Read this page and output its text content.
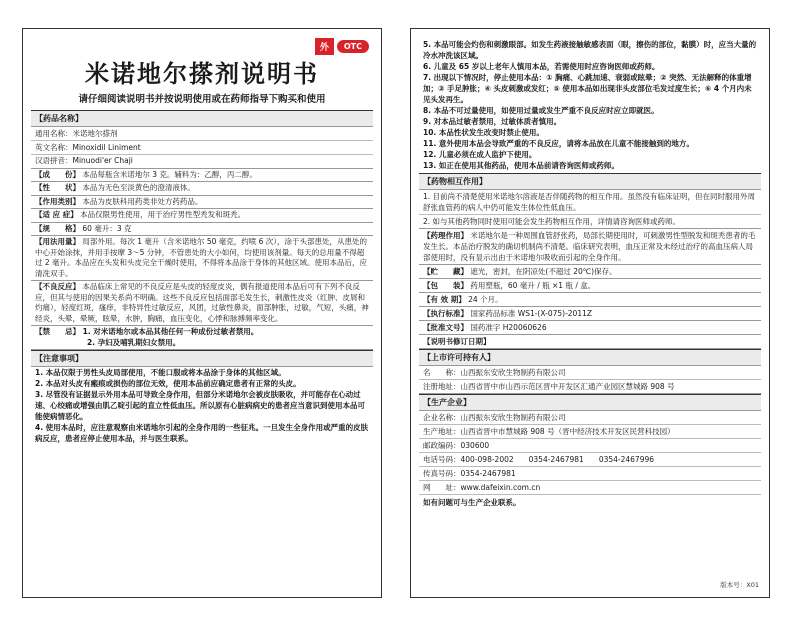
外	OTC
米诺地尔搽剂说明书
请仔细阅读说明书并按说明使用或在药师指导下购买和使用
【药品名称】
通用名称：米诺地尔搽剂
英文名称：Minoxidil Liniment
汉语拼音：Minuodi'er Chaji
【成　　份】 本品每瓶含米诺地尔 3 克。辅料为：乙醇，丙二醇。
【性　　状】 本品为无色至淡黄色的澄清液体。
【作用类别】 本品为皮肤科用药类非处方药药品。
【适 应 症】 本品仅限男性使用，用于治疗男性型秃发和斑秃。
【规　　格】 60 毫升：3 克
【用法用量】 局部外用。每次 1 毫升（含米诺地尔 50 毫克，约喷 6 次），涂于头部患处，从患处的中心开始涂抹，并用手按摩 3～5 分钟，不管患处的大小如何，均使用该剂量。每天的总用量不得超过 2 毫升。本品应在头发和头皮完全干燥时使用，不得将本品涂于身体的其他区域。使用本品后，应清洗双手。
【不良反应】 本品临床上常见的不良反应是头皮的轻度皮炎，偶有报道使用本品后可有下列不良反应，但其与使用的因果关系尚不明确。这些不良反应包括面部毛发生长，刺激性皮炎（红肿、皮屑和灼痛），轻度红斑，瘙痒，非特异性过敏反应，风团，过敏性鼻炎，面部肿胀，过敏，气短，头痛，神经炎，头晕，晕厥，眩晕，水肿，胸痛，血压变化，心悸和脉搏频率变化。
【禁　　忌】 1. 对米诺地尔或本品其他任何一种成份过敏者禁用。
2. 孕妇及哺乳期妇女禁用。
【注意事项】
1. 本品仅限于男性头皮局部使用，不能口服或将本品涂于身体的其他区域。
2. 本品对头皮有瘢痕或损伤的部位无效，使用本品前应确定患者有正常的头皮。
3. 尽管没有证据显示外用本品可导致全身作用，但部分米诺地尔会被皮肤吸收，并可能存在心动过速、心绞痛或增强由肌乙啶引起的直立性低血压。所以原有心脏病病史的患者应当意识到使用本品可能使病情恶化。
4. 使用本品时，应注意观察由米诺地尔引起的全身作用的一些征兆。一旦发生全身作用或严重的皮肤病反应，患者应停止使用本品，并与医生联系。
5. 本品可能会灼伤和刺激眼部。如发生药液接触敏感表面（眼，擦伤的部位，黏膜）时，应当大量的冷水冲洗该区域。
6. 儿童及 65 岁以上老年人慎用本品，若需使用时应咨询医师或药师。
7. 出现以下情况时，停止使用本品：① 胸痛、心跳加速、衰弱或眩晕；② 突然、无法解释的体重增加；③ 手足肿胀；④ 头皮刺激或发红；⑤ 使用本品如出现非头皮部位毛发过度生长；⑥ 4 个月内未见头发再生。
8. 本品不可过量使用，如使用过量或发生严重不良反应时应立即就医。
9. 对本品过敏者禁用，过敏体质者慎用。
10. 本品性状发生改变时禁止使用。
11. 意外使用本品会导致严重的不良反应，请将本品放在儿童不能接触到的地方。
12. 儿童必须在成人监护下使用。
13. 如正在使用其他药品，使用本品前请咨询医师或药师。
【药物相互作用】
1. 目前尚不清楚使用米诺地尔溶液是否伴随药物的相互作用。虽然没有临床证明，但在同时服用外周舒张血管药的病人中仍可能发生体位性低血压。
2. 如与其他药物同时使用可能会发生药物相互作用，详情请咨询医师或药师。
【药理作用】 米诺地尔是一种周围血管舒张药，局部长期使用时，可刺激男性型脱发和斑秃患者的毛发生长。本品治疗脱发的确切机制尚不清楚。临床研究表明，血压正常及未经过治疗的高血压病人局部使用时，没有显示出由于米诺地尔吸收而引起的全身作用。
【贮　　藏】 遮光，密封，在阴凉处(不超过 20℃)保存。
【包　　装】 药用塑瓶，60 毫升 / 瓶 ×1 瓶 / 盒。
【有 效 期】 24 个月。
【执行标准】 国家药品标准 WS1-(X-075)-2011Z
【批准文号】 国药准字 H20060626
【说明书修订日期】
【上市许可持有人】
名　　称：山西振东安欣生物制药有限公司
注册地址：山西省晋中市山西示范区晋中开发区汇通产业园区慧城路 908 号
【生产企业】
企业名称：山西振东安欣生物制药有限公司
生产地址：山西省晋中市慧城路 908 号（晋中经济技术开发区民营科技园）
邮政编码：030600
电话号码：400-098-2002　　0354-2467981　　0354-2467996
传真号码：0354-2467981
网　　址：www.dafeixin.com.cn
如有问题可与生产企业联系。
版本号：X01
